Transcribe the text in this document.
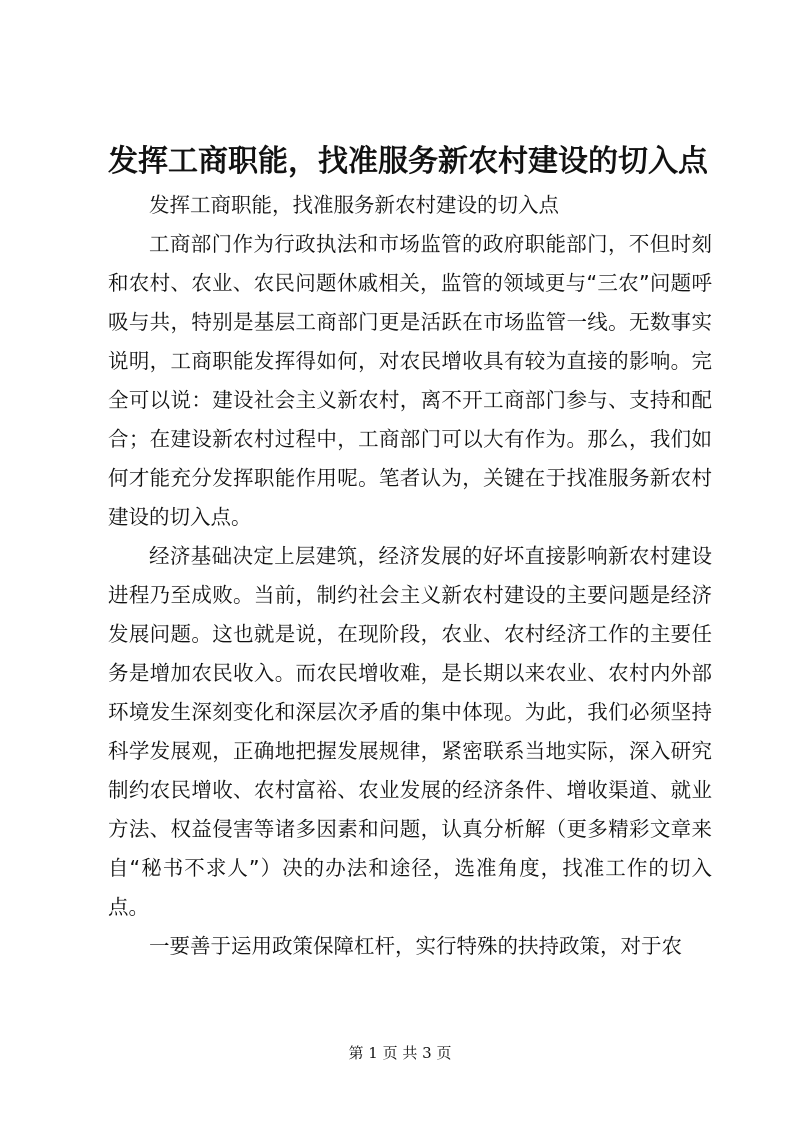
发挥工商职能，找准服务新农村建设的切入点

发挥工商职能，找准服务新农村建设的切入点

工商部门作为行政执法和市场监管的政府职能部门，不但时刻和农村、农业、农民问题休戚相关，监管的领域更与“三农”问题呼吸与共，特别是基层工商部门更是活跃在市场监管一线。无数事实说明，工商职能发挥得如何，对农民增收具有较为直接的影响。完全可以说：建设社会主义新农村，离不开工商部门参与、支持和配合；在建设新农村过程中，工商部门可以大有作为。那么，我们如何才能充分发挥职能作用呢。笔者认为，关键在于找准服务新农村建设的切入点。

经济基础决定上层建筑，经济发展的好坏直接影响新农村建设进程乃至成败。当前，制约社会主义新农村建设的主要问题是经济发展问题。这也就是说，在现阶段，农业、农村经济工作的主要任务是增加农民收入。而农民增收难，是长期以来农业、农村内外部环境发生深刻变化和深层次矛盾的集中体现。为此，我们必须坚持科学发展观，正确地把握发展规律，紧密联系当地实际，深入研究制约农民增收、农村富裕、农业发展的经济条件、增收渠道、就业方法、权益侵害等诸多因素和问题，认真分析解（更多精彩文章来自“秘书不求人”）决的办法和途径，选准角度，找准工作的切入点。

一要善于运用政策保障杠杆，实行特殊的扶持政策，对于农

第 1 页 共 3 页
